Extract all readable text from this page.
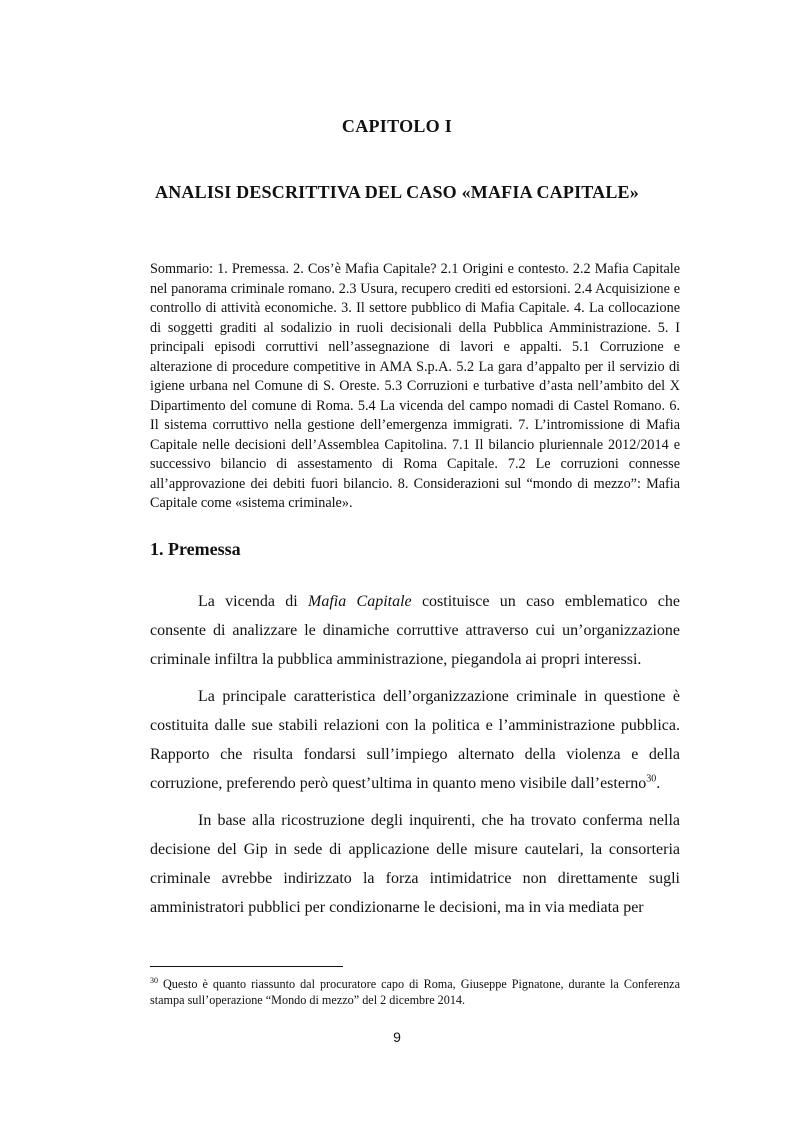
CAPITOLO I
ANALISI DESCRITTIVA DEL CASO «MAFIA CAPITALE»

Sommario: 1. Premessa. 2. Cos’è Mafia Capitale? 2.1 Origini e contesto. 2.2 Mafia Capitale nel panorama criminale romano. 2.3 Usura, recupero crediti ed estorsioni. 2.4 Acquisizione e controllo di attività economiche. 3. Il settore pubblico di Mafia Capitale. 4. La collocazione di soggetti graditi al sodalizio in ruoli decisionali della Pubblica Amministrazione. 5. I principali episodi corruttivi nell’assegnazione di lavori e appalti. 5.1 Corruzione e alterazione di procedure competitive in AMA S.p.A. 5.2 La gara d’appalto per il servizio di igiene urbana nel Comune di S. Oreste. 5.3 Corruzioni e turbative d’asta nell’ambito del X Dipartimento del comune di Roma. 5.4 La vicenda del campo nomadi di Castel Romano. 6. Il sistema corruttivo nella gestione dell’emergenza immigrati. 7. L’intromissione di Mafia Capitale nelle decisioni dell’Assemblea Capitolina. 7.1 Il bilancio pluriennale 2012/2014 e successivo bilancio di assestamento di Roma Capitale. 7.2 Le corruzioni connesse all’approvazione dei debiti fuori bilancio. 8. Considerazioni sul “mondo di mezzo”: Mafia Capitale come «sistema criminale».

1. Premessa

La vicenda di Mafia Capitale costituisce un caso emblematico che consente di analizzare le dinamiche corruttive attraverso cui un’organizzazione criminale infiltra la pubblica amministrazione, piegandola ai propri interessi.

La principale caratteristica dell’organizzazione criminale in questione è costituita dalle sue stabili relazioni con la politica e l’amministrazione pubblica. Rapporto che risulta fondarsi sull’impiego alternato della violenza e della corruzione, preferendo però quest’ultima in quanto meno visibile dall’esterno$^{30}$.

In base alla ricostruzione degli inquirenti, che ha trovato conferma nella decisione del Gip in sede di applicazione delle misure cautelari, la consorteria criminale avrebbe indirizzato la forza intimidatrice non direttamente sugli amministratori pubblici per condizionarne le decisioni, ma in via mediata per

$^{30}$ Questo è quanto riassunto dal procuratore capo di Roma, Giuseppe Pignatone, durante la Conferenza stampa sull’operazione “Mondo di mezzo” del 2 dicembre 2014.

9
